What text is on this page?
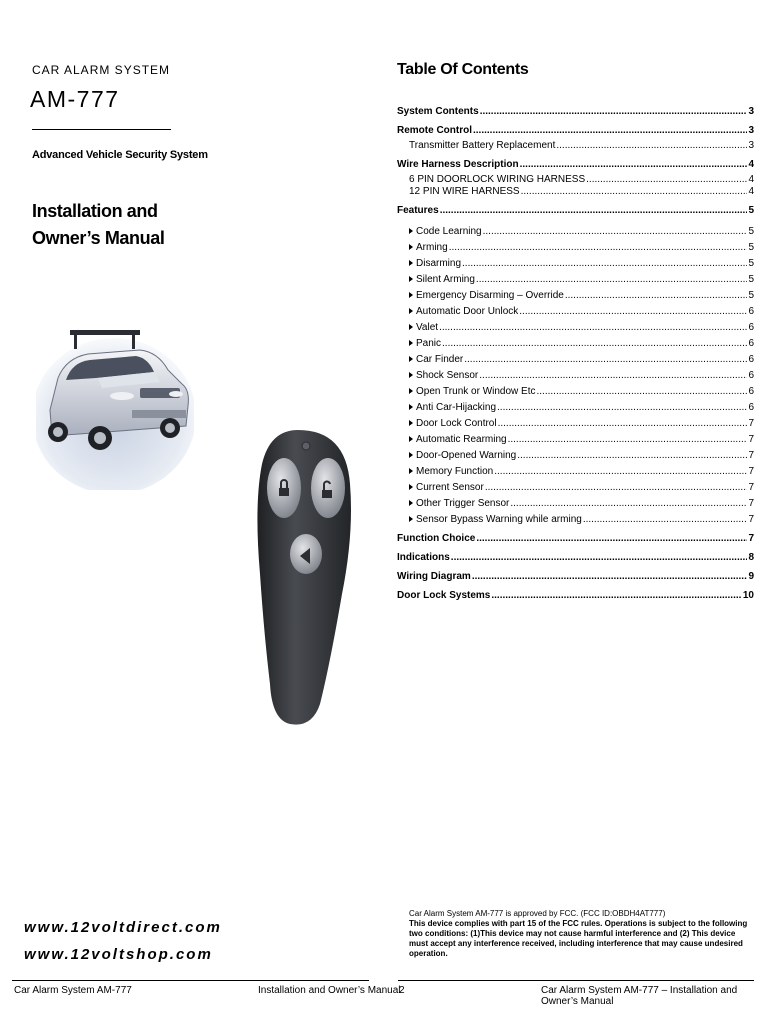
CAR ALARM SYSTEM
AM-777
Advanced Vehicle Security System
Installation and
Owner’s Manual
Table Of Contents
System Contents .....	3
Remote Control .....	3
Transmitter Battery Replacement .....	3
Wire Harness Description .....	4
6 PIN DOORLOCK WIRING HARNESS .....	4
12 PIN WIRE HARNESS .....	4
Features .....	5
Code Learning .....	5
Arming .....	5
Disarming .....	5
Silent Arming .....	5
Emergency Disarming – Override .....	5
Automatic Door Unlock .....	6
Valet .....	6
Panic .....	6
Car Finder .....	6
Shock Sensor .....	6
Open Trunk or Window Etc .....	6
Anti Car-Hijacking .....	6
Door Lock Control .....	7
Automatic Rearming .....	7
Door-Opened Warning .....	7
Memory Function .....	7
Current Sensor .....	7
Other Trigger Sensor .....	7
Sensor Bypass Warning while arming .....	7
Function Choice .....	7
Indications .....	8
Wiring Diagram .....	9
Door Lock Systems .....	10
Car Alarm System AM-777 is approved by FCC. (FCC ID:OBDH4AT777)
This device complies with part 15 of the FCC rules. Operations is subject to the following two conditions: (1)This device may not cause harmful interference and (2) This device must accept any interference received, including interference that may cause undesired operation.
www.12voltdirect.com
www.12voltshop.com
Car Alarm System AM-777	Installation and Owner’s Manual
2	Car Alarm System AM-777 – Installation and Owner’s Manual
